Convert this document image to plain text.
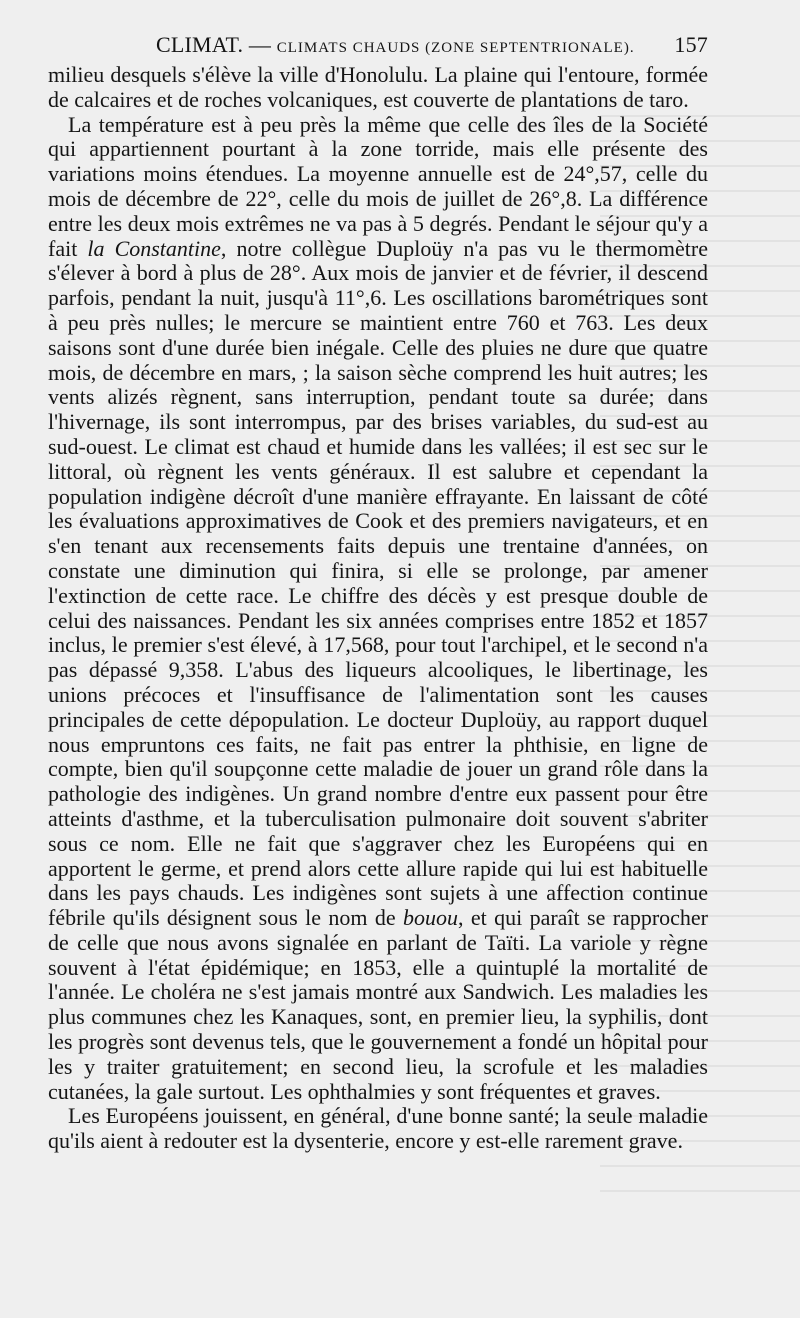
CLIMAT. — CLIMATS CHAUDS (ZONE SEPTENTRIONALE). 157

milieu desquels s'élève la ville d'Honolulu. La plaine qui l'entoure, formée de calcaires et de roches volcaniques, est couverte de plantations de taro.

La température est à peu près la même que celle des îles de la Société qui appartiennent pourtant à la zone torride, mais elle présente des variations moins étendues. La moyenne annuelle est de 24°,57, celle du mois de décembre de 22°, celle du mois de juillet de 26°,8. La différence entre les deux mois extrêmes ne va pas à 5 degrés. Pendant le séjour qu'y a fait la Constantine, notre collègue Duploüy n'a pas vu le thermomètre s'élever à bord à plus de 28°. Aux mois de janvier et de février, il descend parfois, pendant la nuit, jusqu'à 11°,6. Les oscillations barométriques sont à peu près nulles; le mercure se maintient entre 760 et 763. Les deux saisons sont d'une durée bien inégale. Celle des pluies ne dure que quatre mois, de décembre en mars, ; la saison sèche comprend les huit autres; les vents alizés règnent, sans interruption, pendant toute sa durée; dans l'hivernage, ils sont interrompus, par des brises variables, du sud-est au sud-ouest. Le climat est chaud et humide dans les vallées; il est sec sur le littoral, où règnent les vents généraux. Il est salubre et cependant la population indigène décroît d'une manière effrayante. En laissant de côté les évaluations approximatives de Cook et des premiers navigateurs, et en s'en tenant aux recensements faits depuis une trentaine d'années, on constate une diminution qui finira, si elle se prolonge, par amener l'extinction de cette race. Le chiffre des décès y est presque double de celui des naissances. Pendant les six années comprises entre 1852 et 1857 inclus, le premier s'est élevé, à 17,568, pour tout l'archipel, et le second n'a pas dépassé 9,358. L'abus des liqueurs alcooliques, le libertinage, les unions précoces et l'insuffisance de l'alimentation sont les causes principales de cette dépopulation. Le docteur Duploüy, au rapport duquel nous empruntons ces faits, ne fait pas entrer la phthisie, en ligne de compte, bien qu'il soupçonne cette maladie de jouer un grand rôle dans la pathologie des indigènes. Un grand nombre d'entre eux passent pour être atteints d'asthme, et la tuberculisation pulmonaire doit souvent s'abriter sous ce nom. Elle ne fait que s'aggraver chez les Européens qui en apportent le germe, et prend alors cette allure rapide qui lui est habituelle dans les pays chauds. Les indigènes sont sujets à une affection continue fébrile qu'ils désignent sous le nom de bouou, et qui paraît se rapprocher de celle que nous avons signalée en parlant de Taïti. La variole y règne souvent à l'état épidémique; en 1853, elle a quintuplé la mortalité de l'année. Le choléra ne s'est jamais montré aux Sandwich. Les maladies les plus communes chez les Kanaques, sont, en premier lieu, la syphilis, dont les progrès sont devenus tels, que le gouvernement a fondé un hôpital pour les y traiter gratuitement; en second lieu, la scrofule et les maladies cutanées, la gale surtout. Les ophthalmies y sont fréquentes et graves.

Les Européens jouissent, en général, d'une bonne santé; la seule maladie qu'ils aient à redouter est la dysenterie, encore y est-elle rarement grave.
